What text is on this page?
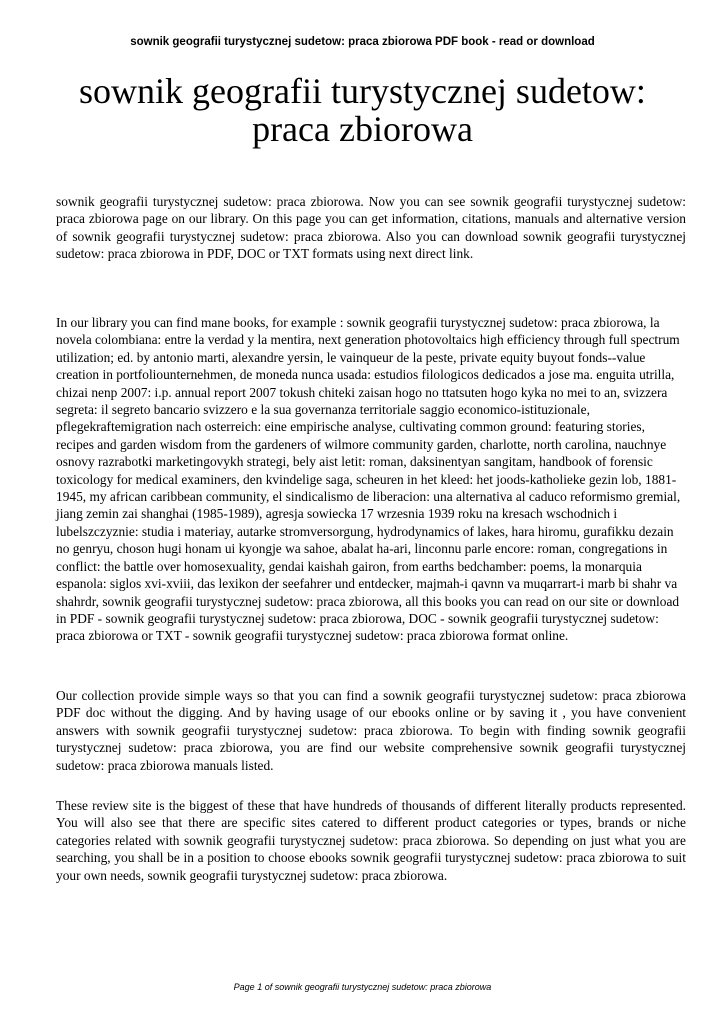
sownik geografii turystycznej sudetow: praca zbiorowa PDF book - read or download
sownik geografii turystycznej sudetow:
praca zbiorowa

sownik geografii turystycznej sudetow: praca zbiorowa. Now you can see sownik geografii turystycznej sudetow: praca zbiorowa page on our library. On this page you can get information, citations, manuals and alternative version of sownik geografii turystycznej sudetow: praca zbiorowa. Also you can download sownik geografii turystycznej sudetow: praca zbiorowa in PDF, DOC or TXT formats using next direct link.

In our library you can find mane books, for example : sownik geografii turystycznej sudetow: praca zbiorowa, la novela colombiana: entre la verdad y la mentira, next generation photovoltaics high efficiency through full spectrum utilization; ed. by antonio marti, alexandre yersin, le vainqueur de la peste, private equity buyout fonds--value creation in portfoliounternehmen, de moneda nunca usada: estudios filologicos dedicados a jose ma. enguita utrilla, chizai nenp 2007: i.p. annual report 2007 tokush chiteki zaisan hogo no ttatsuten hogo kyka no mei to an, svizzera segreta: il segreto bancario svizzero e la sua governanza territoriale saggio economico-istituzionale, pflegekraftemigration nach osterreich: eine empirische analyse, cultivating common ground: featuring stories, recipes and garden wisdom from the gardeners of wilmore community garden, charlotte, north carolina, nauchnye osnovy razrabotki marketingovykh strategi, bely aist letit: roman, daksinentyan sangitam, handbook of forensic toxicology for medical examiners, den kvindelige saga, scheuren in het kleed: het joods-katholieke gezin lob, 1881-1945, my african caribbean community, el sindicalismo de liberacion: una alternativa al caduco reformismo gremial, jiang zemin zai shanghai (1985-1989), agresja sowiecka 17 wrzesnia 1939 roku na kresach wschodnich i lubelszczyznie: studia i materiay, autarke stromversorgung, hydrodynamics of lakes, hara hiromu, gurafikku dezain no genryu, choson hugi honam ui kyongje wa sahoe, abalat ha-ari, linconnu parle encore: roman, congregations in conflict: the battle over homosexuality, gendai kaishah gairon, from earths bedchamber: poems, la monarquia espanola: siglos xvi-xviii, das lexikon der seefahrer und entdecker, majmah-i qavnn va muqarrart-i marb bi shahr va shahrdr, sownik geografii turystycznej sudetow: praca zbiorowa, all this books you can read on our site or download in PDF - sownik geografii turystycznej sudetow: praca zbiorowa, DOC - sownik geografii turystycznej sudetow: praca zbiorowa or TXT - sownik geografii turystycznej sudetow: praca zbiorowa format online.

Our collection provide simple ways so that you can find a sownik geografii turystycznej sudetow: praca zbiorowa PDF doc without the digging. And by having usage of our ebooks online or by saving it , you have convenient answers with sownik geografii turystycznej sudetow: praca zbiorowa. To begin with finding sownik geografii turystycznej sudetow: praca zbiorowa, you are find our website comprehensive sownik geografii turystycznej sudetow: praca zbiorowa manuals listed.

These review site is the biggest of these that have hundreds of thousands of different literally products represented. You will also see that there are specific sites catered to different product categories or types, brands or niche categories related with sownik geografii turystycznej sudetow: praca zbiorowa. So depending on just what you are searching, you shall be in a position to choose ebooks sownik geografii turystycznej sudetow: praca zbiorowa to suit your own needs, sownik geografii turystycznej sudetow: praca zbiorowa.

Page 1 of sownik geografii turystycznej sudetow: praca zbiorowa
